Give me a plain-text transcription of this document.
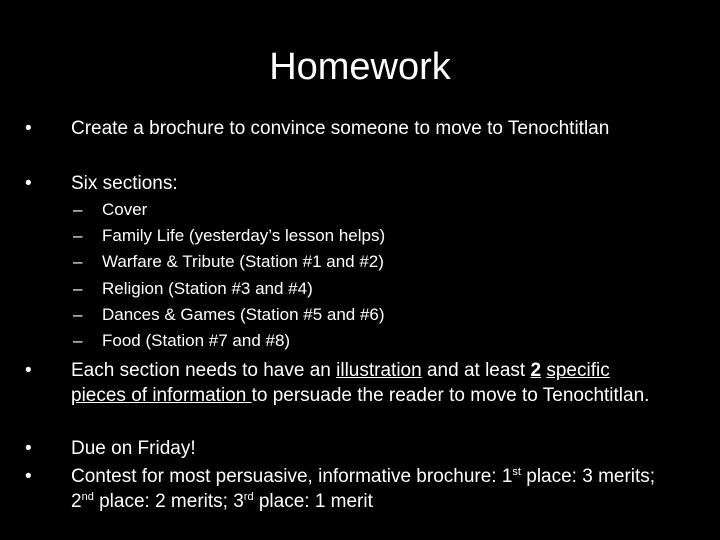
Homework
• Create a brochure to convince someone to move to Tenochtitlan
• Six sections:
– Cover
– Family Life (yesterday’s lesson helps)
– Warfare & Tribute (Station #1 and #2)
– Religion (Station #3 and #4)
– Dances & Games (Station #5 and #6)
– Food (Station #7 and #8)
• Each section needs to have an illustration and at least 2 specific pieces of information to persuade the reader to move to Tenochtitlan.
• Due on Friday!
• Contest for most persuasive, informative brochure: 1st place: 3 merits; 2nd place: 2 merits; 3rd place: 1 merit
